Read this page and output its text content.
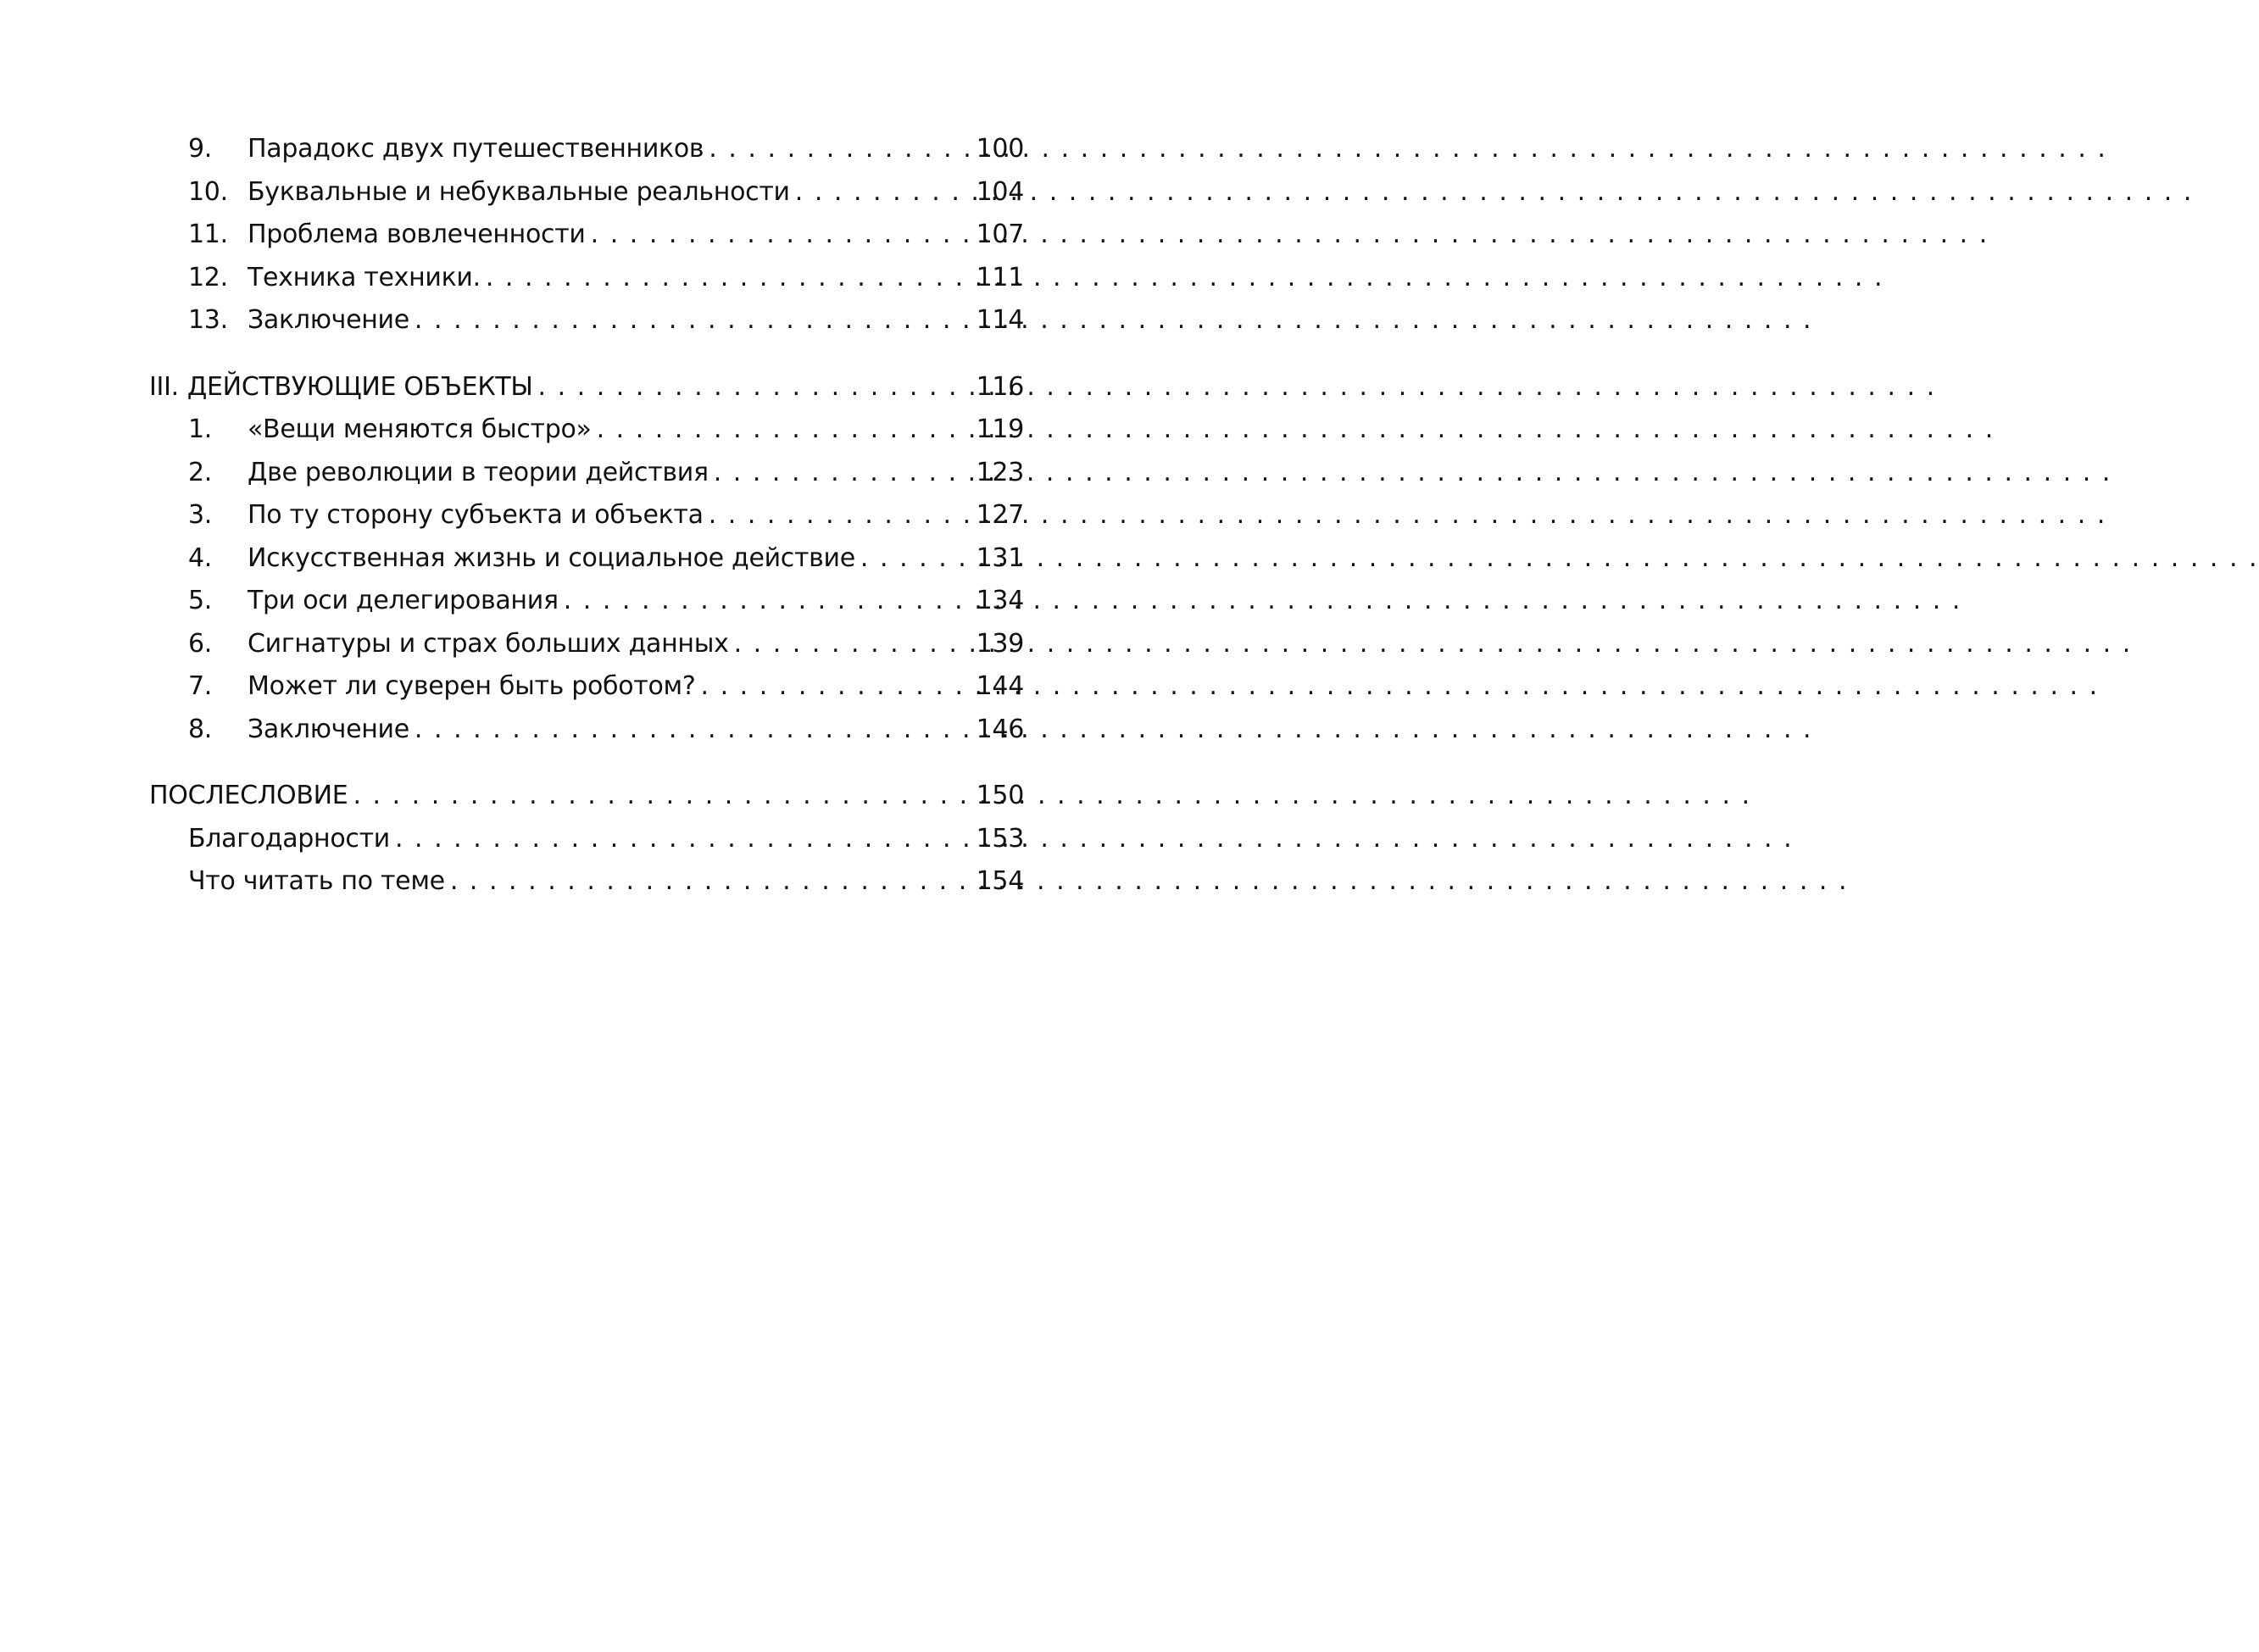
9.	Парадокс двух путешественников . . .	100
10. Буквальные и небуквальные реальности . . .	104
11. Проблема вовлеченности . . .	107
12. Техника техники. . . .	111
13. Заключение . . .	114
III. ДЕЙСТВУЮЩИЕ ОБЪЕКТЫ . . .	116
1.	«Вещи меняются быстро» . . .	119
2.	Две революции в теории действия . . .	123
3.	По ту сторону субъекта и объекта . . .	127
4.	Искусственная жизнь и социальное действие . . .	131
5.	Три оси делегирования . . .	134
6.	Сигнатуры и страх больших данных . . .	139
7.	Может ли суверен быть роботом? . . .	144
8.	Заключение . . .	146
ПОСЛЕСЛОВИЕ . . .	150
Благодарности . . .	153
Что читать по теме . . .	154
